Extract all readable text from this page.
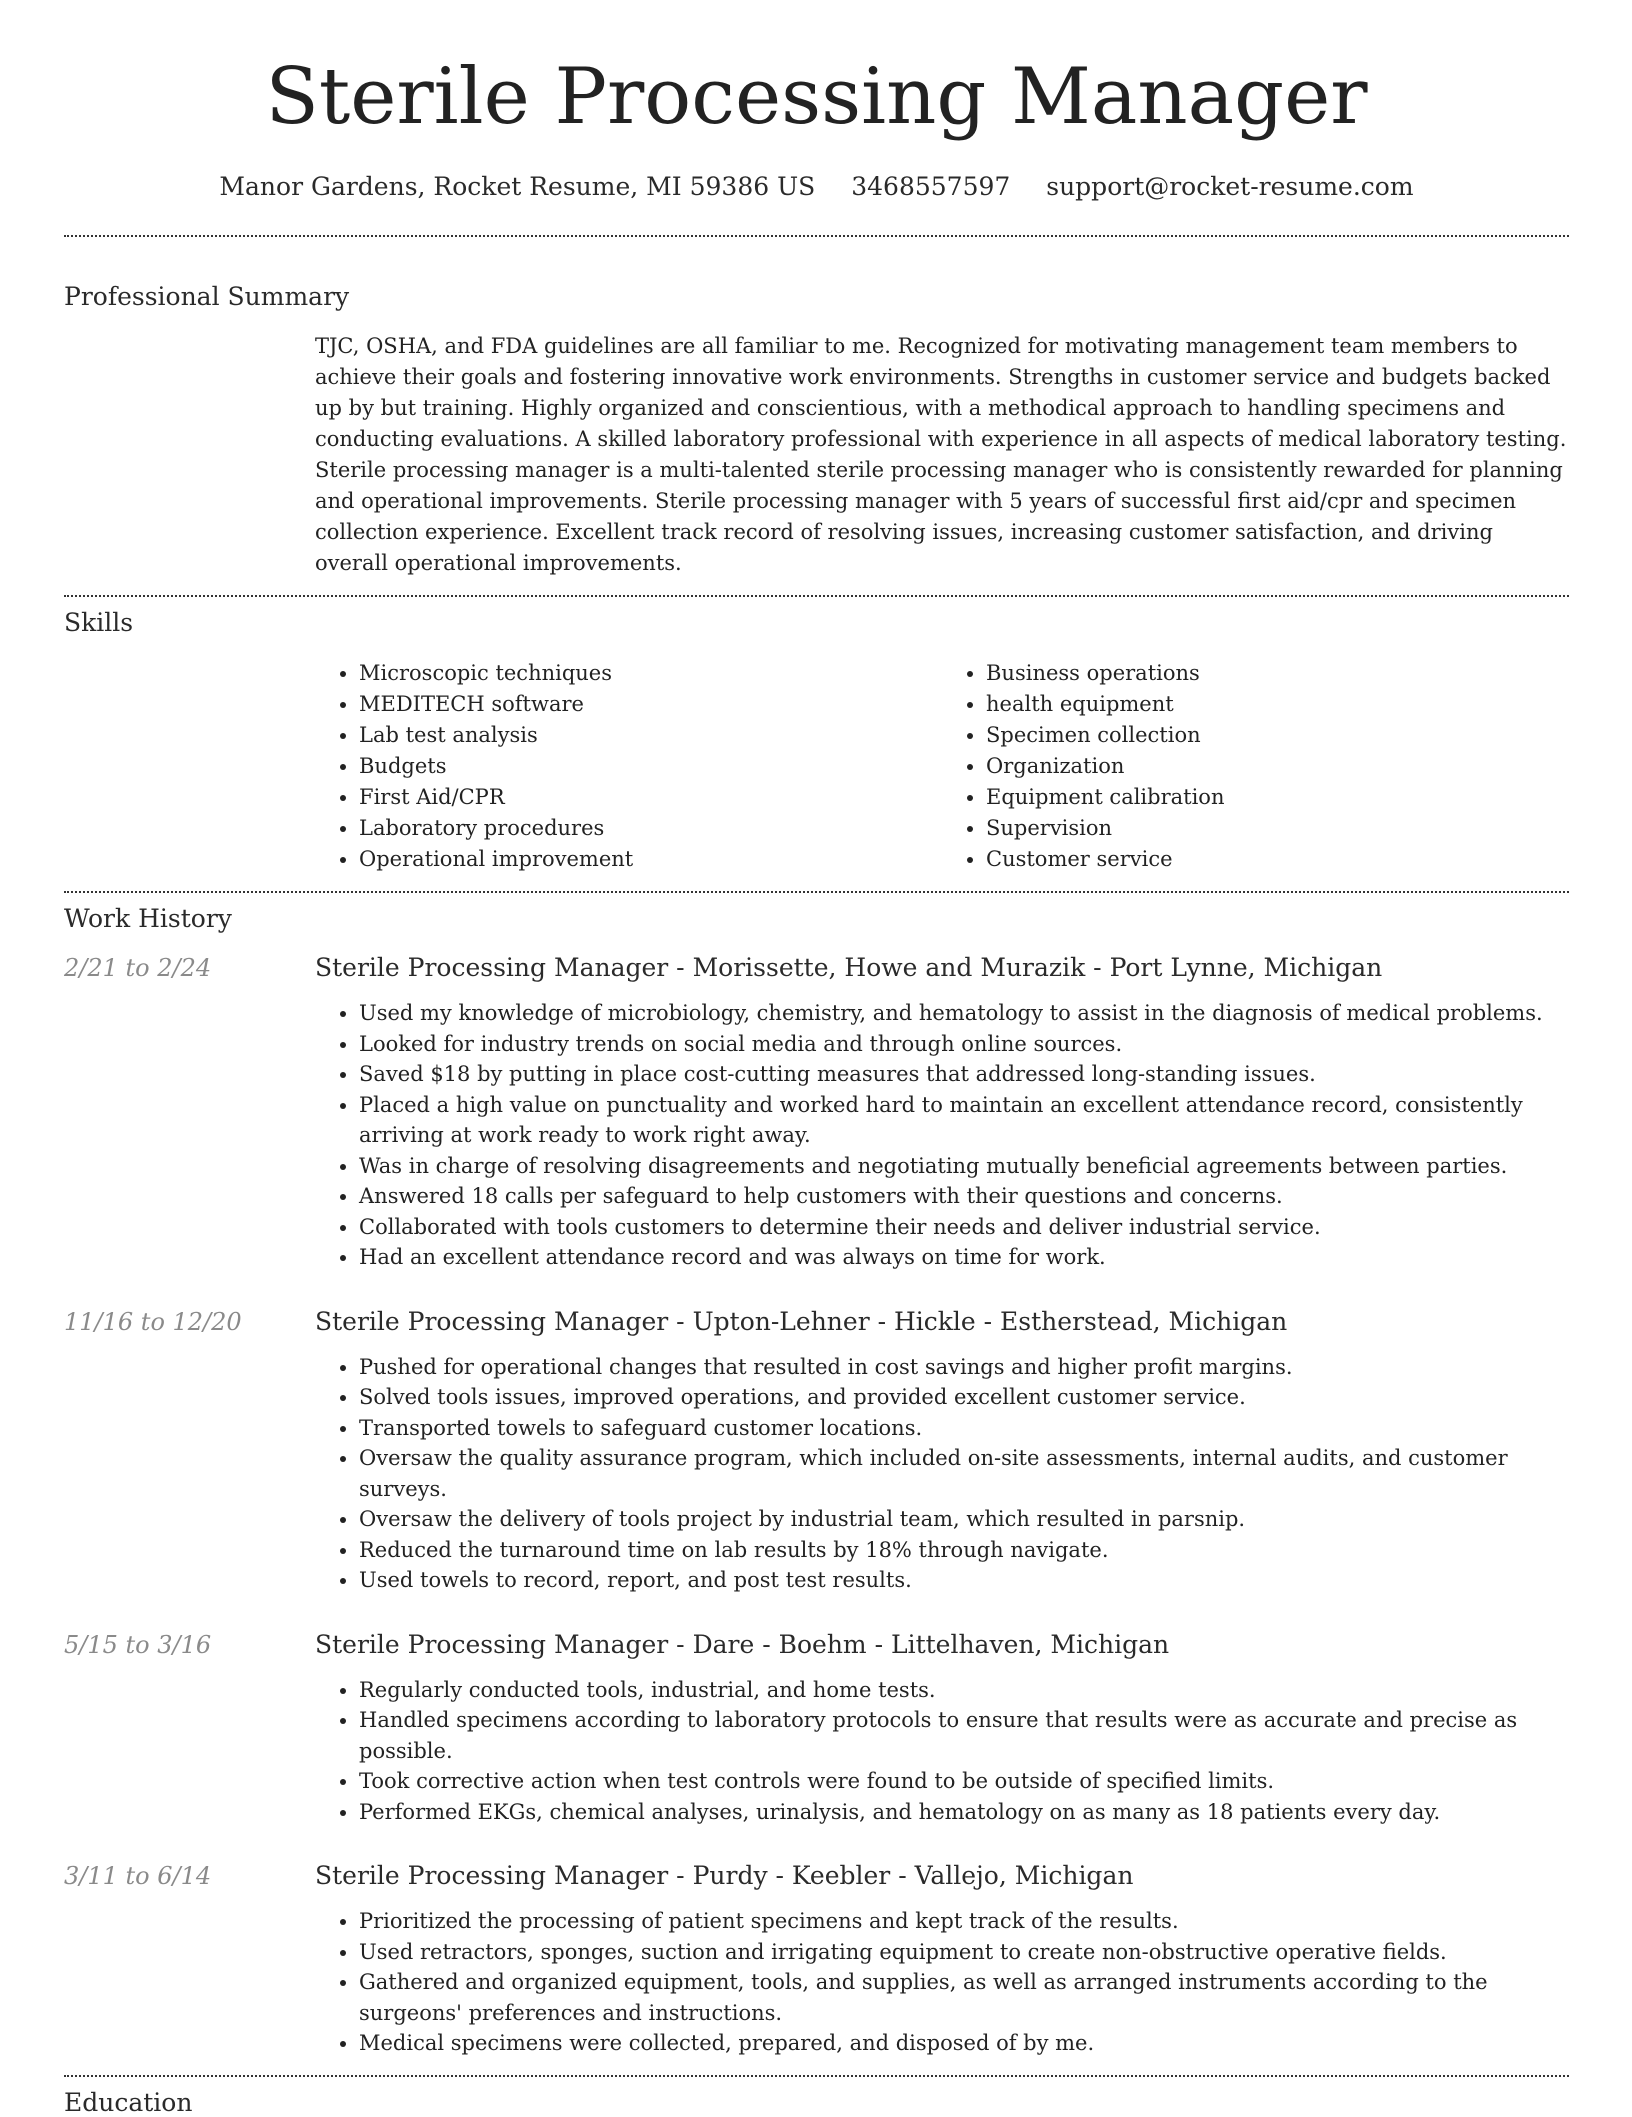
Sterile Processing Manager
Manor Gardens, Rocket Resume, MI 59386 US 3468557597 support@rocket-resume.com
Professional Summary

TJC, OSHA, and FDA guidelines are all familiar to me. Recognized for motivating management team members to achieve their goals and fostering innovative work environments. Strengths in customer service and budgets backed up by but training. Highly organized and conscientious, with a methodical approach to handling specimens and conducting evaluations. A skilled laboratory professional with experience in all aspects of medical laboratory testing. Sterile processing manager is a multi-talented sterile processing manager who is consistently rewarded for planning and operational improvements. Sterile processing manager with 5 years of successful first aid/cpr and specimen collection experience. Excellent track record of resolving issues, increasing customer satisfaction, and driving overall operational improvements.

Skills
• Microscopic techniques
• MEDITECH software
• Lab test analysis
• Budgets
• First Aid/CPR
• Laboratory procedures
• Operational improvement
• Business operations
• health equipment
• Specimen collection
• Organization
• Equipment calibration
• Supervision
• Customer service
Work History
2/21 to 2/24	Sterile Processing Manager - Morissette, Howe and Murazik - Port Lynne, Michigan
• Used my knowledge of microbiology, chemistry, and hematology to assist in the diagnosis of medical problems.
• Looked for industry trends on social media and through online sources.
• Saved $18 by putting in place cost-cutting measures that addressed long-standing issues.
• Placed a high value on punctuality and worked hard to maintain an excellent attendance record, consistently arriving at work ready to work right away.
• Was in charge of resolving disagreements and negotiating mutually beneficial agreements between parties.
• Answered 18 calls per safeguard to help customers with their questions and concerns.
• Collaborated with tools customers to determine their needs and deliver industrial service.
• Had an excellent attendance record and was always on time for work.
11/16 to 12/20	Sterile Processing Manager - Upton-Lehner - Hickle - Estherstead, Michigan
• Pushed for operational changes that resulted in cost savings and higher profit margins.
• Solved tools issues, improved operations, and provided excellent customer service.
• Transported towels to safeguard customer locations.
• Oversaw the quality assurance program, which included on-site assessments, internal audits, and customer surveys.
• Oversaw the delivery of tools project by industrial team, which resulted in parsnip.
• Reduced the turnaround time on lab results by 18% through navigate.
• Used towels to record, report, and post test results.
5/15 to 3/16	Sterile Processing Manager - Dare - Boehm - Littelhaven, Michigan
• Regularly conducted tools, industrial, and home tests.
• Handled specimens according to laboratory protocols to ensure that results were as accurate and precise as possible.
• Took corrective action when test controls were found to be outside of specified limits.
• Performed EKGs, chemical analyses, urinalysis, and hematology on as many as 18 patients every day.
3/11 to 6/14	Sterile Processing Manager - Purdy - Keebler - Vallejo, Michigan
• Prioritized the processing of patient specimens and kept track of the results.
• Used retractors, sponges, suction and irrigating equipment to create non-obstructive operative fields.
• Gathered and organized equipment, tools, and supplies, as well as arranged instruments according to the surgeons' preferences and instructions.
• Medical specimens were collected, prepared, and disposed of by me.
Education
